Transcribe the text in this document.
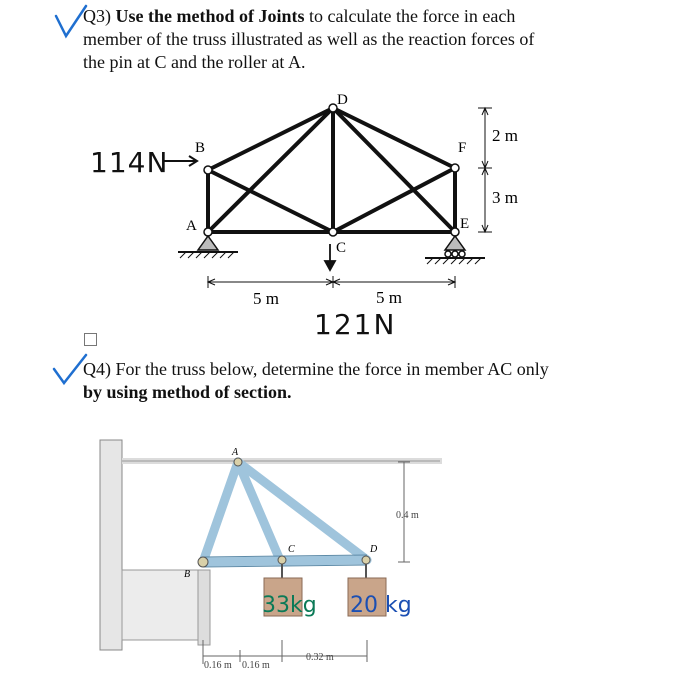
Q3) Use the method of Joints to calculate the force in each
member of the truss illustrated as well as the reaction forces of
the pin at C and the roller at A.
A
B
C
D
E
F
2 m
3 m
5 m	5 m
114N
121N
Q4) For the truss below, determine the force in member AC only
by using method of section.
A
B
C	D
0.4 m
0.16 m 0.16 m
0.32 m
33kg 20 kg
